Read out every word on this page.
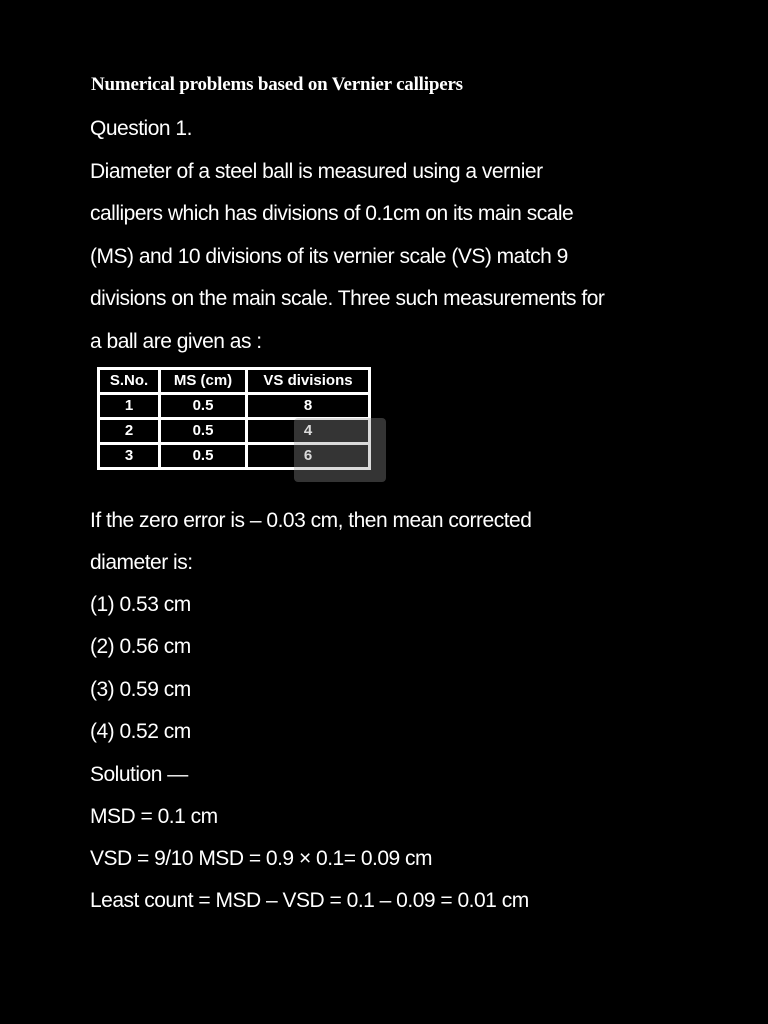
Numerical problems based on Vernier callipers
Question 1.
Diameter of a steel ball is measured using a vernier
callipers which has divisions of 0.1cm on its main scale
(MS) and 10 divisions of its vernier scale (VS) match 9
divisions on the main scale. Three such measurements for
a ball are given as :
S.No.	MS (cm)	VS divisions
1	0.5	8
2	0.5	4
3	0.5	6
If the zero error is – 0.03 cm, then mean corrected
diameter is:
(1) 0.53 cm
(2) 0.56 cm
(3) 0.59 cm
(4) 0.52 cm
Solution —
MSD = 0.1 cm
VSD = 9/10 MSD = 0.9 × 0.1= 0.09 cm
Least count = MSD – VSD = 0.1 – 0.09 = 0.01 cm
